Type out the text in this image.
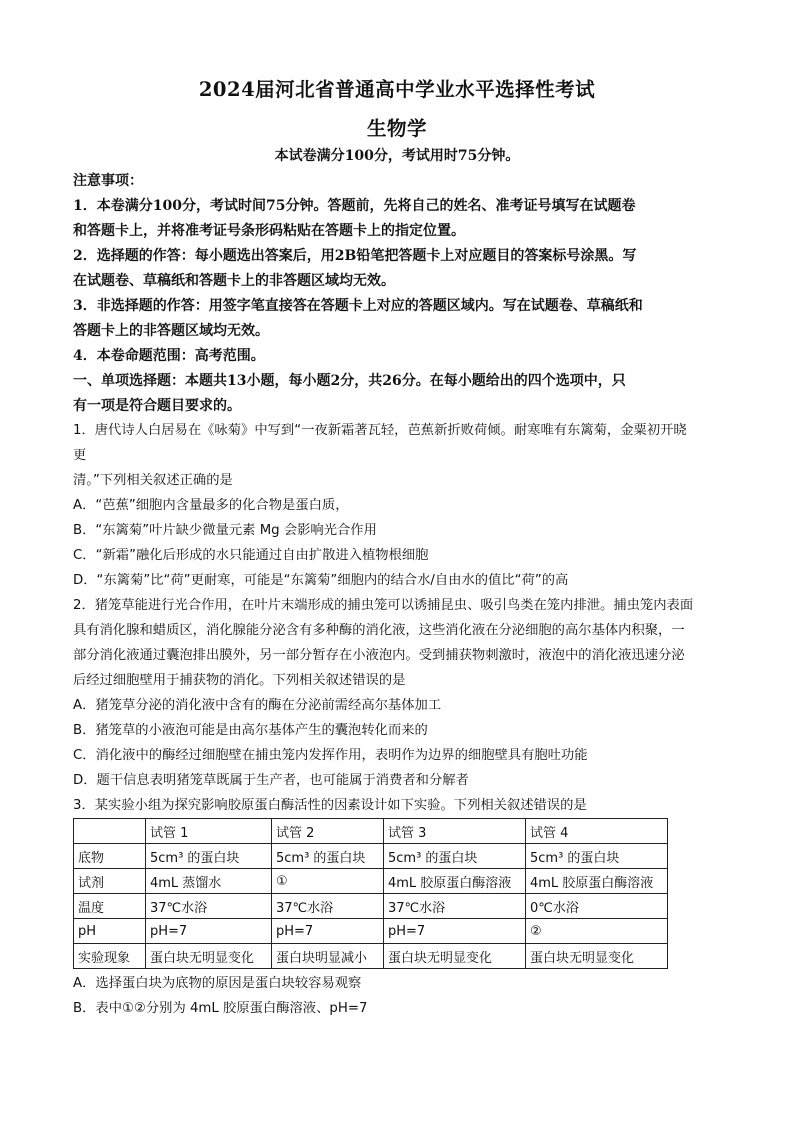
2024届河北省普通高中学业水平选择性考试
生物学
本试卷满分100分，考试用时75分钟。
注意事项：
1．本卷满分100分，考试时间75分钟。答题前，先将自己的姓名、准考证号填写在试题卷
和答题卡上，并将准考证号条形码粘贴在答题卡上的指定位置。
2．选择题的作答：每小题选出答案后，用2B铅笔把答题卡上对应题目的答案标号涂黑。写
在试题卷、草稿纸和答题卡上的非答题区域均无效。
3．非选择题的作答：用签字笔直接答在答题卡上对应的答题区域内。写在试题卷、草稿纸和
答题卡上的非答题区域均无效。
4．本卷命题范围：高考范围。
一、单项选择题：本题共13小题，每小题2分，共26分。在每小题给出的四个选项中，只
有一项是符合题目要求的。
1．唐代诗人白居易在《咏菊》中写到“一夜新霜著瓦轻，芭蕉新折败荷倾。耐寒唯有东篱菊，金粟初开晓
更
清。”下列相关叙述正确的是
A．“芭蕉”细胞内含量最多的化合物是蛋白质，
B．“东篱菊”叶片缺少微量元素 Mg 会影响光合作用
C．“新霜”融化后形成的水只能通过自由扩散进入植物根细胞
D．“东篱菊”比“荷”更耐寒，可能是“东篱菊”细胞内的结合水/自由水的值比“荷”的高
2．猪笼草能进行光合作用，在叶片末端形成的捕虫笼可以诱捕昆虫、吸引鸟类在笼内排泄。捕虫笼内表面
具有消化腺和蜡质区，消化腺能分泌含有多种酶的消化液，这些消化液在分泌细胞的高尔基体内积聚，一
部分消化液通过囊泡排出膜外，另一部分暂存在小液泡内。受到捕获物刺激时，液泡中的消化液迅速分泌
后经过细胞壁用于捕获物的消化。下列相关叙述错误的是
A．猪笼草分泌的消化液中含有的酶在分泌前需经高尔基体加工
B．猪笼草的小液泡可能是由高尔基体产生的囊泡转化而来的
C．消化液中的酶经过细胞壁在捕虫笼内发挥作用，表明作为边界的细胞壁具有胞吐功能
D．题干信息表明猪笼草既属于生产者，也可能属于消费者和分解者
3．某实验小组为探究影响胶原蛋白酶活性的因素设计如下实验。下列相关叙述错误的是
	试管 1	试管 2	试管 3	试管 4
底物	5cm³ 的蛋白块	5cm³ 的蛋白块	5cm³ 的蛋白块	5cm³ 的蛋白块
试剂	4mL 蒸馏水	①	4mL 胶原蛋白酶溶液	4mL 胶原蛋白酶溶液
温度	37℃水浴	37℃水浴	37℃水浴	0℃水浴
pH	pH=7	pH=7	pH=7	②
实验现象	蛋白块无明显变化	蛋白块明显减小	蛋白块无明显变化	蛋白块无明显变化
A．选择蛋白块为底物的原因是蛋白块较容易观察
B．表中①②分别为 4mL 胶原蛋白酶溶液、pH=7
